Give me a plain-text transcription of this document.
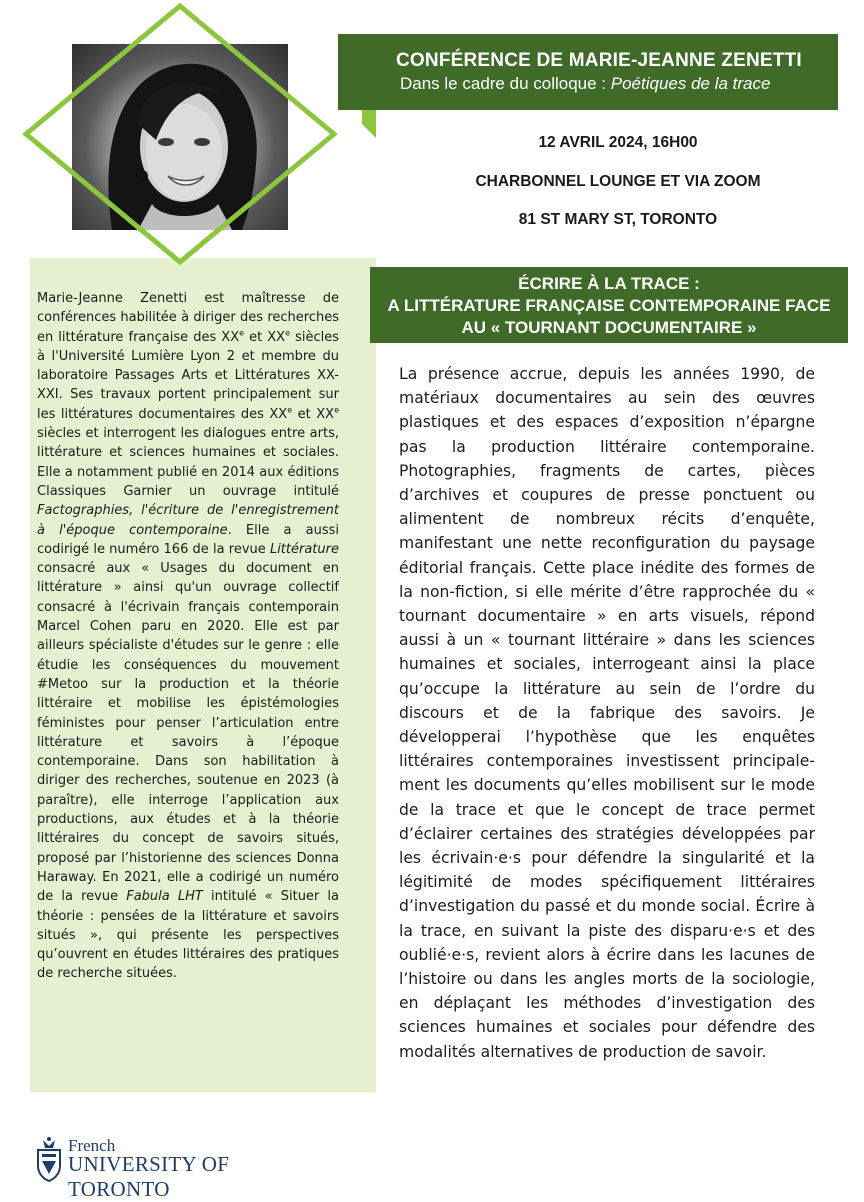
CONFÉRENCE DE MARIE-JEANNE ZENETTI
Dans le cadre du colloque : Poétiques de la trace
12 AVRIL 2024, 16H00
CHARBONNEL LOUNGE ET VIA ZOOM
81 ST MARY ST, TORONTO
ÉCRIRE À LA TRACE :
A LITTÉRATURE FRANÇAISE CONTEMPORAINE FACE
AU « TOURNANT DOCUMENTAIRE »
Marie-Jeanne Zenetti est maîtresse de conférences habilitée à diriger des recherches en littérature française des XXe et XXe siècles à l'Université Lumière Lyon 2 et membre du laboratoire Passages Arts et Littératures XX-XXI. Ses travaux portent principalement sur les littératures documentaires des XXe et XXe siècles et interrogent les dialogues entre arts, littérature et sciences humaines et sociales. Elle a notamment publié en 2014 aux éditions Classiques Garnier un ouvrage intitulé Factographies, l'écriture de l'enregistrement à l'époque contemporaine. Elle a aussi codirigé le numéro 166 de la revue Littérature consacré aux « Usages du document en littérature » ainsi qu'un ouvrage collectif consacré à l'écrivain français contemporain Marcel Cohen paru en 2020. Elle est par ailleurs spécialiste d'études sur le genre : elle étudie les conséquences du mouvement #Metoo sur la production et la théorie littéraire et mobilise les épistémologies féministes pour penser l’articulation entre littérature et savoirs à l’époque contemporaine. Dans son habilitation à diriger des recherches, soutenue en 2023 (à paraître), elle interroge l’application aux productions, aux études et à la théorie littéraires du concept de savoirs situés, proposé par l’historienne des sciences Donna Haraway. En 2021, elle a codirigé un numéro de la revue Fabula LHT intitulé « Situer la théorie : pensées de la littérature et savoirs situés », qui présente les perspectives qu’ouvrent en études littéraires des pratiques de recherche situées.
La présence accrue, depuis les années 1990, de matériaux documentaires au sein des œuvres plastiques et des espaces d’exposition n’épargne pas la production littéraire contemporaine. Photographies, fragments de cartes, pièces d’archives et coupures de presse ponctuent ou alimentent de nombreux récits d’enquête, manifestant une nette reconfiguration du paysage éditorial français. Cette place inédite des formes de la non-fiction, si elle mérite d’être rapprochée du « tournant documentaire » en arts visuels, répond aussi à un « tournant littéraire » dans les sciences humaines et sociales, interrogeant ainsi la place qu’occupe la littérature au sein de l’ordre du discours et de la fabrique des savoirs. Je développerai l’hypothèse que les enquêtes littéraires contemporaines investissent principalement les documents qu’elles mobilisent sur le mode de la trace et que le concept de trace permet d’éclairer certaines des stratégies développées par les écrivain·e·s pour défendre la singularité et la légitimité de modes spécifiquement littéraires d’investigation du passé et du monde social. Écrire à la trace, en suivant la piste des disparu·e·s et des oublié·e·s, revient alors à écrire dans les lacunes de l’histoire ou dans les angles morts de la sociologie, en déplaçant les méthodes d’investigation des sciences humaines et sociales pour défendre des modalités alternatives de production de savoir.
French
UNIVERSITY OF TORONTO
